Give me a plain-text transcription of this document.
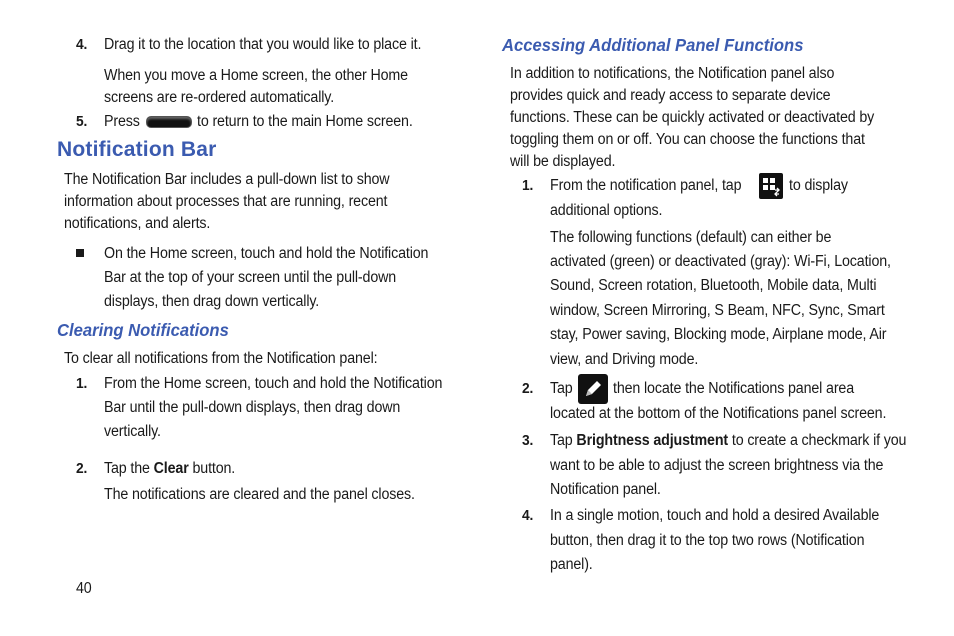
4. Drag it to the location that you would like to place it.
When you move a Home screen, the other Home
screens are re-ordered automatically.
5. Press	to return to the main Home screen.
Notification Bar
The Notification Bar includes a pull-down list to show
information about processes that are running, recent
notifications, and alerts.
On the Home screen, touch and hold the Notification
Bar at the top of your screen until the pull-down
displays, then drag down vertically.
Clearing Notifications
To clear all notifications from the Notification panel:
1. From the Home screen, touch and hold the Notification
Bar until the pull-down displays, then drag down
vertically.
2. Tap the Clear button.
The notifications are cleared and the panel closes.
40
Accessing Additional Panel Functions
In addition to notifications, the Notification panel also
provides quick and ready access to separate device
functions. These can be quickly activated or deactivated by
toggling them on or off. You can choose the functions that
will be displayed.
1. From the notification panel, tap	to display
additional options.
The following functions (default) can either be
activated (green) or deactivated (gray): Wi-Fi, Location,
Sound, Screen rotation, Bluetooth, Mobile data, Multi
window, Screen Mirroring, S Beam, NFC, Sync, Smart
stay, Power saving, Blocking mode, Airplane mode, Air
view, and Driving mode.
2. Tap	then locate the Notifications panel area
located at the bottom of the Notifications panel screen.
3. Tap Brightness adjustment to create a checkmark if you
want to be able to adjust the screen brightness via the
Notification panel.
4. In a single motion, touch and hold a desired Available
button, then drag it to the top two rows (Notification
panel).
